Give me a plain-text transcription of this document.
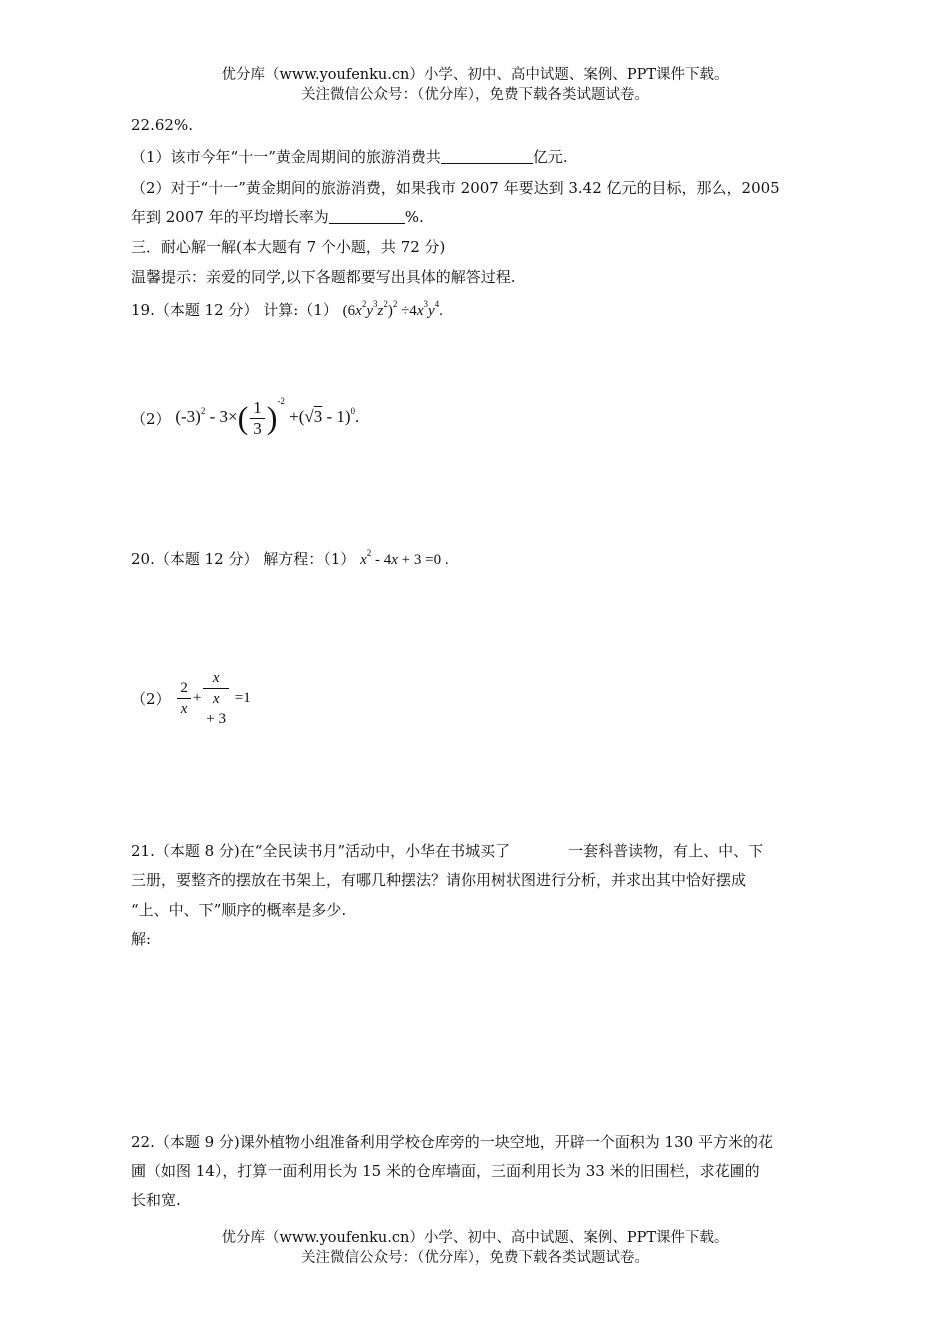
优分库（www.youfenku.cn）小学、初中、高中试题、案例、PPT课件下载。
关注微信公众号：（优分库），免费下载各类试题试卷。
22.62%.
（1）该市今年“十一”黄金周期间的旅游消费共	亿元.
（2）对于“十一”黄金期间的旅游消费，如果我市 2007 年要达到 3.42 亿元的目标，那么，2005
年到 2007 年的平均增长率为	%.
三．耐心解一解(本大题有 7 个小题，共 72 分)
温馨提示：亲爱的同学,以下各题都要写出具体的解答过程.
19.（本题 12 分） 计算:（1） $(6x^2y^3z^2)^2 \div 4x^3y^4$.
（2） $(-3)^2 - 3\times( \frac{1}{3} )^{-2} +(√3 - 1)^0$.
20.（本题 12 分） 解方程：（1） $x^2 - 4x + 3 =0$ .
$(2) \frac{2}{x} + x$
x
+ 3 =1
21.（本题 8 分)在“全民读书月”活动中，小华在书城买了	一套科普读物，有上、中、下
三册，要整齐的摆放在书架上，有哪几种摆法？请你用树状图进行分析，并求出其中恰好摆成
“上、中、下”顺序的概率是多少.
解:
22.（本题 9 分)课外植物小组准备利用学校仓库旁的一块空地，开辟一个面积为 130 平方米的花
圃（如图 14），打算一面利用长为 15 米的仓库墙面，三面利用长为 33 米的旧围栏，求花圃的
长和宽.
优分库（www.youfenku.cn）小学、初中、高中试题、案例、PPT课件下载。
关注微信公众号：（优分库），免费下载各类试题试卷。
